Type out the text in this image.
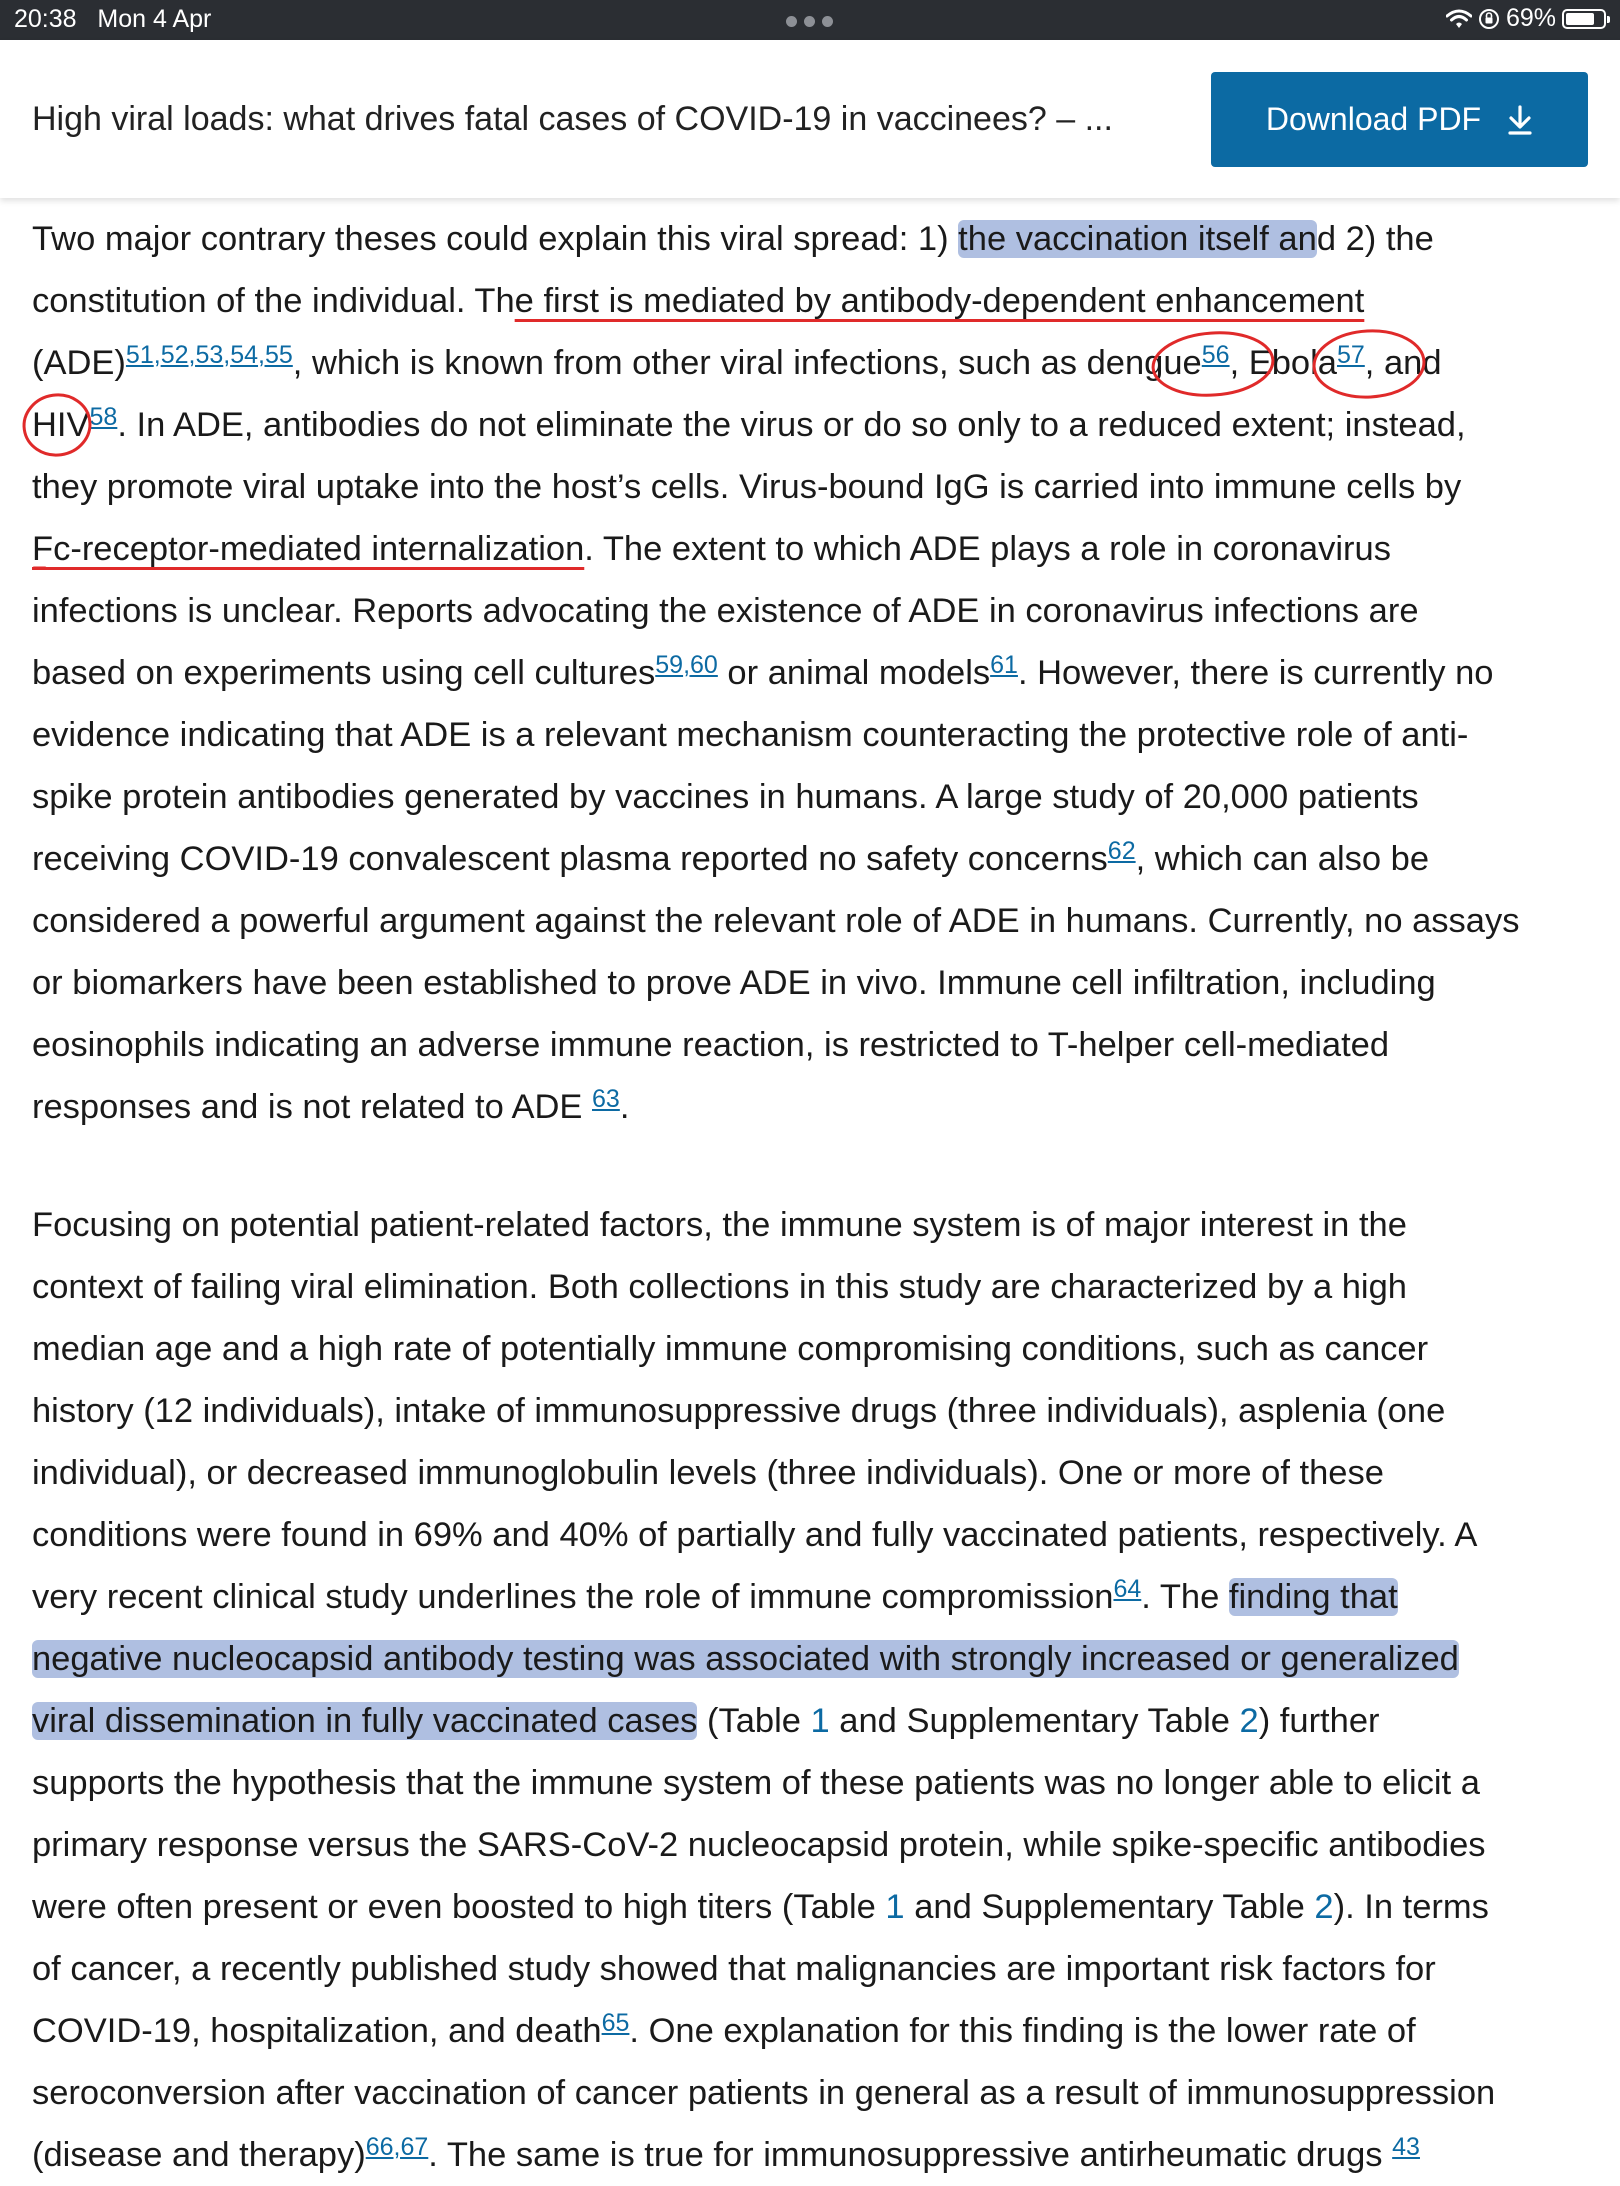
20:38 Mon 4 Apr	69%
High viral loads: what drives fatal cases of COVID-19 in vaccinees? – ...	Download PDF

Two major contrary theses could explain this viral spread: 1) the vaccination itself and 2) the
constitution of the individual. The first is mediated by antibody-dependent enhancement
(ADE)$^{51,52,53,54,55}$, which is known from other viral infections, such as dengue$^{56}$, Ebola$^{57}$, and
HIV$^{58}$. In ADE, antibodies do not eliminate the virus or do so only to a reduced extent; instead,
they promote viral uptake into the host’s cells. Virus-bound IgG is carried into immune cells by
Fc-receptor-mediated internalization. The extent to which ADE plays a role in coronavirus
infections is unclear. Reports advocating the existence of ADE in coronavirus infections are
based on experiments using cell cultures$^{59,60}$ or animal models$^{61}$. However, there is currently no
evidence indicating that ADE is a relevant mechanism counteracting the protective role of anti-
spike protein antibodies generated by vaccines in humans. A large study of 20,000 patients
receiving COVID-19 convalescent plasma reported no safety concerns$^{62}$, which can also be
considered a powerful argument against the relevant role of ADE in humans. Currently, no assays
or biomarkers have been established to prove ADE in vivo. Immune cell infiltration, including
eosinophils indicating an adverse immune reaction, is restricted to T-helper cell-mediated
responses and is not related to ADE $^{63}$.

Focusing on potential patient-related factors, the immune system is of major interest in the
context of failing viral elimination. Both collections in this study are characterized by a high
median age and a high rate of potentially immune compromising conditions, such as cancer
history (12 individuals), intake of immunosuppressive drugs (three individuals), asplenia (one
individual), or decreased immunoglobulin levels (three individuals). One or more of these
conditions were found in 69% and 40% of partially and fully vaccinated patients, respectively. A
very recent clinical study underlines the role of immune compromission$^{64}$. The finding that
negative nucleocapsid antibody testing was associated with strongly increased or generalized
viral dissemination in fully vaccinated cases (Table 1 and Supplementary Table 2) further
supports the hypothesis that the immune system of these patients was no longer able to elicit a
primary response versus the SARS-CoV-2 nucleocapsid protein, while spike-specific antibodies
were often present or even boosted to high titers (Table 1 and Supplementary Table 2). In terms
of cancer, a recently published study showed that malignancies are important risk factors for
COVID-19, hospitalization, and death$^{65}$. One explanation for this finding is the lower rate of
seroconversion after vaccination of cancer patients in general as a result of immunosuppression
(disease and therapy)$^{66,67}$. The same is true for immunosuppressive antirheumatic drugs $^{43}$
